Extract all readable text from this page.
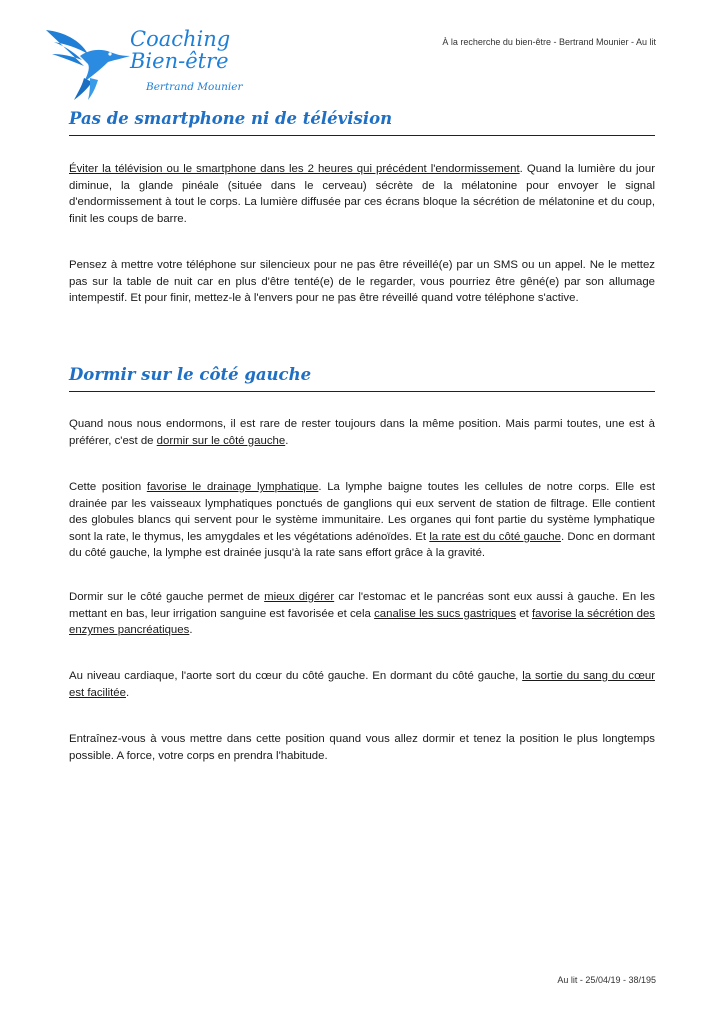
Coaching
Bien-être
Bertrand Mounier
À la recherche du bien-être - Bertrand Mounier - Au lit
Pas de smartphone ni de télévision

Éviter la télévision ou le smartphone dans les 2 heures qui précédent l'endormissement. Quand la lumière du jour diminue, la glande pinéale (située dans le cerveau) sécrète de la mélatonine pour envoyer le signal d'endormissement à tout le corps. La lumière diffusée par ces écrans bloque la sécrétion de mélatonine et du coup, finit les coups de barre.

Pensez à mettre votre téléphone sur silencieux pour ne pas être réveillé(e) par un SMS ou un appel. Ne le mettez pas sur la table de nuit car en plus d'être tenté(e) de le regarder, vous pourriez être gêné(e) par son allumage intempestif. Et pour finir, mettez-le à l'envers pour ne pas être réveillé quand votre téléphone s'active.

Dormir sur le côté gauche

Quand nous nous endormons, il est rare de rester toujours dans la même position. Mais parmi toutes, une est à préférer, c'est de dormir sur le côté gauche.

Cette position favorise le drainage lymphatique. La lymphe baigne toutes les cellules de notre corps. Elle est drainée par les vaisseaux lymphatiques ponctués de ganglions qui eux servent de station de filtrage. Elle contient des globules blancs qui servent pour le système immunitaire. Les organes qui font partie du système lymphatique sont la rate, le thymus, les amygdales et les végétations adénoïdes. Et la rate est du côté gauche. Donc en dormant du côté gauche, la lymphe est drainée jusqu'à la rate sans effort grâce à la gravité.

Dormir sur le côté gauche permet de mieux digérer car l'estomac et le pancréas sont eux aussi à gauche. En les mettant en bas, leur irrigation sanguine est favorisée et cela canalise les sucs gastriques et favorise la sécrétion des enzymes pancréatiques.

Au niveau cardiaque, l'aorte sort du cœur du côté gauche. En dormant du côté gauche, la sortie du sang du cœur est facilitée.

Entraînez-vous à vous mettre dans cette position quand vous allez dormir et tenez la position le plus longtemps possible. A force, votre corps en prendra l'habitude.

Au lit - 25/04/19 - 38/195
